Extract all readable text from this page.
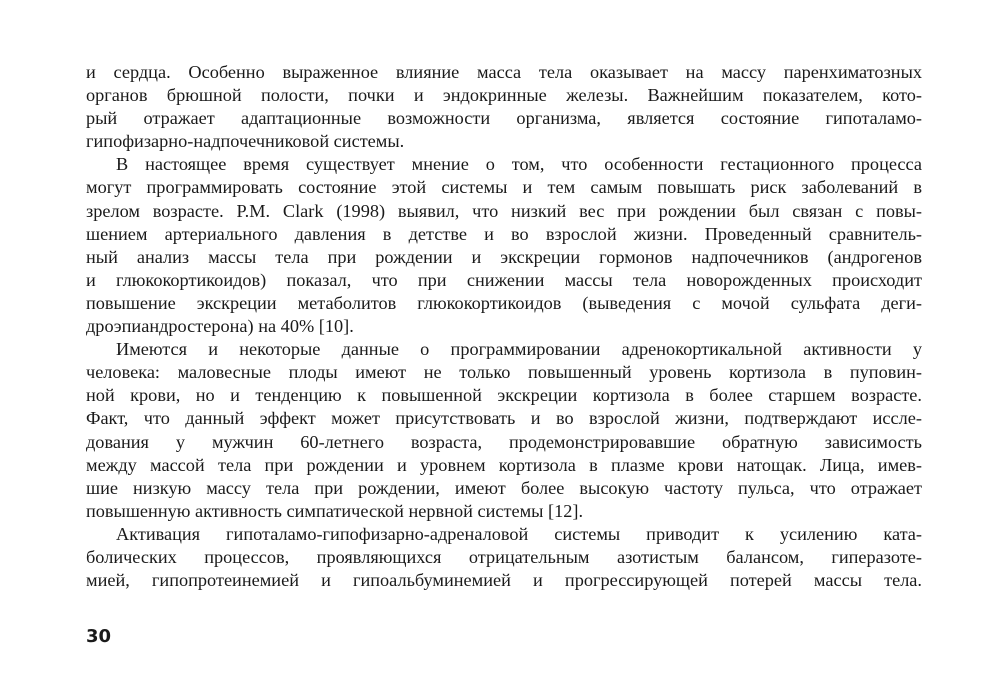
и сердца. Особенно выраженное влияние масса тела оказывает на массу паренхиматозных
органов брюшной полости, почки и эндокринные железы. Важнейшим показателем, кото-
рый отражает адаптационные возможности организма, является состояние гипоталамо-
гипофизарно-надпочечниковой системы.

В настоящее время существует мнение о том, что особенности гестационного процесса
могут программировать состояние этой системы и тем самым повышать риск заболеваний в
зрелом возрасте. P.M. Clark (1998) выявил, что низкий вес при рождении был связан с повы-
шением артериального давления в детстве и во взрослой жизни. Проведенный сравнитель-
ный анализ массы тела при рождении и экскреции гормонов надпочечников (андрогенов
и глюкокортикоидов) показал, что при снижении массы тела новорожденных происходит
повышение экскреции метаболитов глюкокортикоидов (выведения с мочой сульфата деги-
дроэпиандростерона) на 40% [10].

Имеются и некоторые данные о программировании адренокортикальной активности у
человека: маловесные плоды имеют не только повышенный уровень кортизола в пуповин-
ной крови, но и тенденцию к повышенной экскреции кортизола в более старшем возрасте.
Факт, что данный эффект может присутствовать и во взрослой жизни, подтверждают иссле-
дования у мужчин 60-летнего возраста, продемонстрировавшие обратную зависимость
между массой тела при рождении и уровнем кортизола в плазме крови натощак. Лица, имев-
шие низкую массу тела при рождении, имеют более высокую частоту пульса, что отражает
повышенную активность симпатической нервной системы [12].

Активация гипоталамо-гипофизарно-адреналовой системы приводит к усилению ката-
болических процессов, проявляющихся отрицательным азотистым балансом, гиперазоте-
мией, гипопротеинемией и гипоальбуминемией и прогрессирующей потерей массы тела.

30
